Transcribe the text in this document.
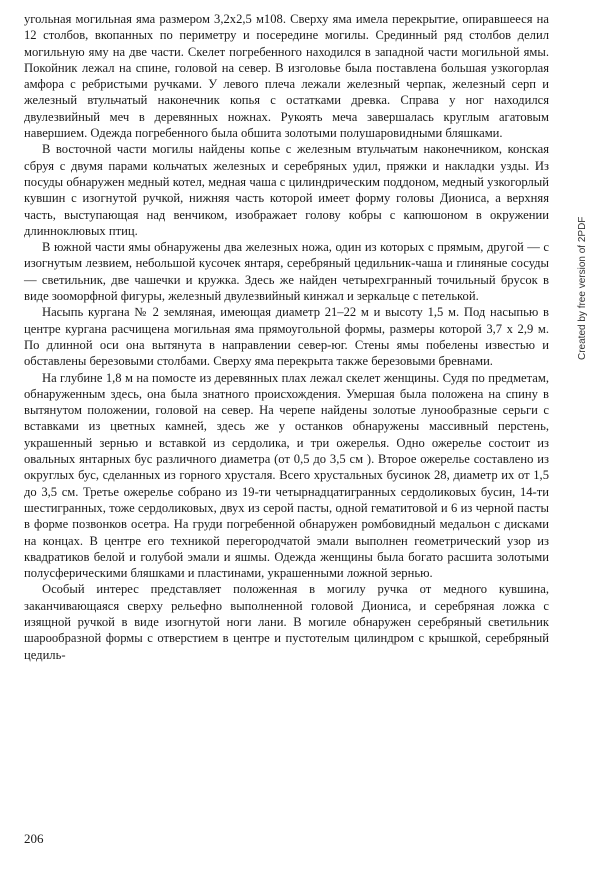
угольная могильная яма размером 3,2х2,5 м108. Сверху яма имела перекрытие, опиравшееся на 12 столбов, вкопанных по периметру и посередине могилы. Срединный ряд столбов делил могильную яму на две части. Скелет погребенного находился в западной части могильной ямы. Покойник лежал на спине, головой на север. В изголовье была поставлена большая узкогорлая амфора с ребристыми ручками. У левого плеча лежали железный черпак, железный серп и железный втульчатый наконечник копья с остатками древка. Справа у ног находился двулезвийный меч в деревянных ножнах. Рукоять меча завершалась круглым агатовым навершием. Одежда погребенного была обшита золотыми полушаровидными бляшками.

В восточной части могилы найдены копье с железным втульчатым наконечником, конская сбруя с двумя парами кольчатых железных и серебряных удил, пряжки и накладки узды. Из посуды обнаружен медный котел, медная чаша с цилиндрическим поддоном, медный узкогорлый кувшин с изогнутой ручкой, нижняя часть которой имеет форму головы Диониса, а верхняя часть, выступающая над венчиком, изображает голову кобры с капюшоном в окружении длинноклювых птиц.

В южной части ямы обнаружены два железных ножа, один из которых с прямым, другой — с изогнутым лезвием, небольшой кусочек янтаря, серебряный цедильник-чаша и глиняные сосуды — светильник, две чашечки и кружка. Здесь же найден четырехгранный точильный брусок в виде зооморфной фигуры, железный двулезвийный кинжал и зеркальце с петелькой.

Насыпь кургана № 2 земляная, имеющая диаметр 21–22 м и высоту 1,5 м. Под насыпью в центре кургана расчищена могильная яма прямоугольной формы, размеры которой 3,7 х 2,9 м. По длинной оси она вытянута в направлении север-юг. Стены ямы побелены известью и обставлены березовыми столбами. Сверху яма перекрыта также березовыми бревнами.

На глубине 1,8 м на помосте из деревянных плах лежал скелет женщины. Судя по предметам, обнаруженным здесь, она была знатного происхождения. Умершая была положена на спину в вытянутом положении, головой на север. На черепе найдены золотые лунообразные серьги с вставками из цветных камней, здесь же у останков обнаружены массивный перстень, украшенный зернью и вставкой из сердолика, и три ожерелья. Одно ожерелье состоит из овальных янтарных бус различного диаметра (от 0,5 до 3,5 см ). Второе ожерелье составлено из округлых бус, сделанных из горного хрусталя. Всего хрустальных бусинок 28, диаметр их от 1,5 до 3,5 см. Третье ожерелье собрано из 19-ти четырнадцатигранных сердоликовых бусин, 14-ти шестигранных, тоже сердоликовых, двух из серой пасты, одной гематитовой и 6 из черной пасты в форме позвонков осетра. На груди погребенной обнаружен ромбовидный медальон с дисками на концах. В центре его техникой перегородчатой эмали выполнен геометрический узор из квадратиков белой и голубой эмали и яшмы. Одежда женщины была богато расшита золотыми полусферическими бляшками и пластинами, украшенными ложной зернью.

Особый интерес представляет положенная в могилу ручка от медного кувшина, заканчивающаяся сверху рельефно выполненной головой Диониса, и серебряная ложка с изящной ручкой в виде изогнутой ноги лани. В могиле обнаружен серебряный светильник шарообразной формы с отверстием в центре и пустотелым цилиндром с крышкой, серебряный цедиль-

Created by free version of 2PDF
206
